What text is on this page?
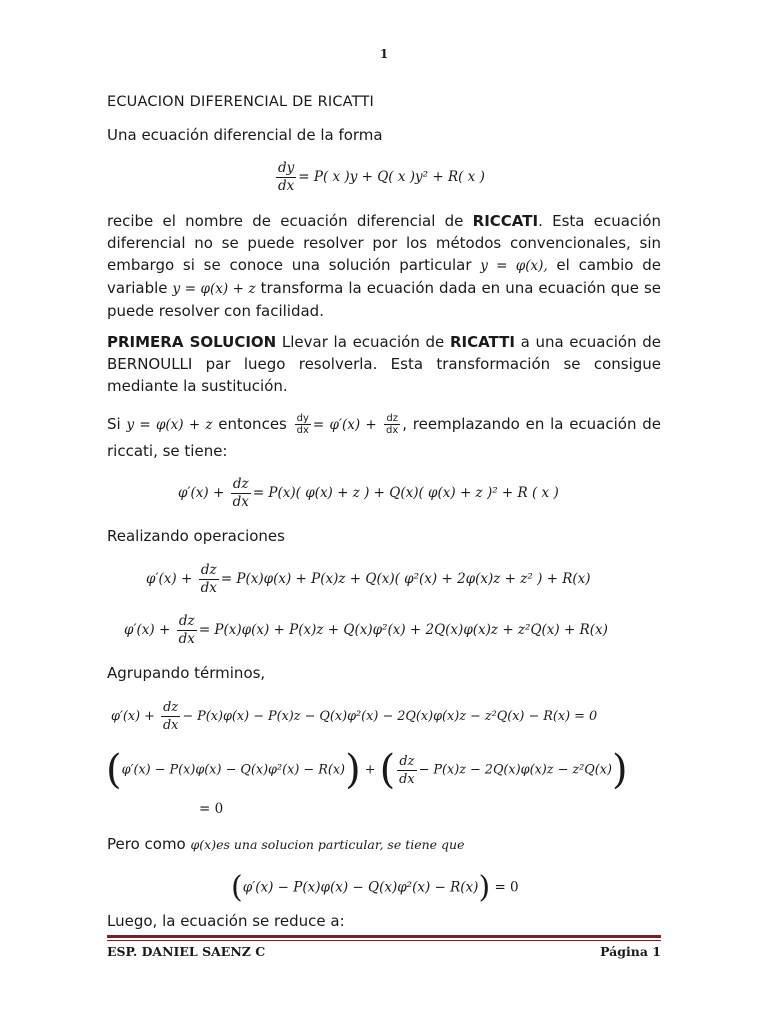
1
ECUACION DIFERENCIAL DE RICATTI
Una ecuación diferencial de la forma
$\frac{dy}{dx} = P$( x )y + Q( x )y² + R( x )
recibe el nombre de ecuación diferencial de RICCATI. Esta ecuación diferencial no se puede resolver por los métodos convencionales, sin embargo si se conoce una solución particular y = φ(x), el cambio de variable y = φ(x) + z transforma la ecuación dada en una ecuación que se puede resolver con facilidad.
PRIMERA SOLUCION Llevar la ecuación de RICATTI a una ecuación de BERNOULLI par luego resolverla. Esta transformación se consigue mediante la sustitución.
Si y = φ(x) + z entonces $\frac{dy}{dx} = \varphi'(x) + \frac{dz}{dx}$ , reemplazando en la ecuación de riccati, se tiene:
$\varphi'(x) + \frac{dz}{dx} = P(x)$( φ(x) + z ) + Q(x)( φ(x) + z )² + R ( x )
Realizando operaciones
$\varphi'(x) + \frac{dz}{dx} = P(x)\varphi(x) + P(x)z + Q(x)$( φ²(x) + 2φ(x)z + z² ) + R(x)
$\varphi'(x) + \frac{dz}{dx} = P(x)\varphi(x) + P(x)z + Q(x)\varphi^2(x) + 2Q(x)\varphi(x)z + z^2Q(x) + R(x)$
Agrupando términos,
$\varphi'(x) + \frac{dz}{dx} - P(x)\varphi(x) - P(x)z - Q(x)\varphi^2(x) - 2Q(x)\varphi(x)z - z^2Q(x) - R(x) = 0$
(φ′(x) − P(x)φ(x) − Q(x)φ²(x) − R(x)) + ( $\frac{dz}{dx} - P(x)z - 2Q(x)\varphi(x)z - z^2Q(x)$)
= 0
Pero como φ(x)es una solucion particular, se tiene que
(φ′(x) − P(x)φ(x) − Q(x)φ²(x) − R(x)) = 0
Luego, la ecuación se reduce a:
ESP. DANIEL SAENZ C	Página 1
